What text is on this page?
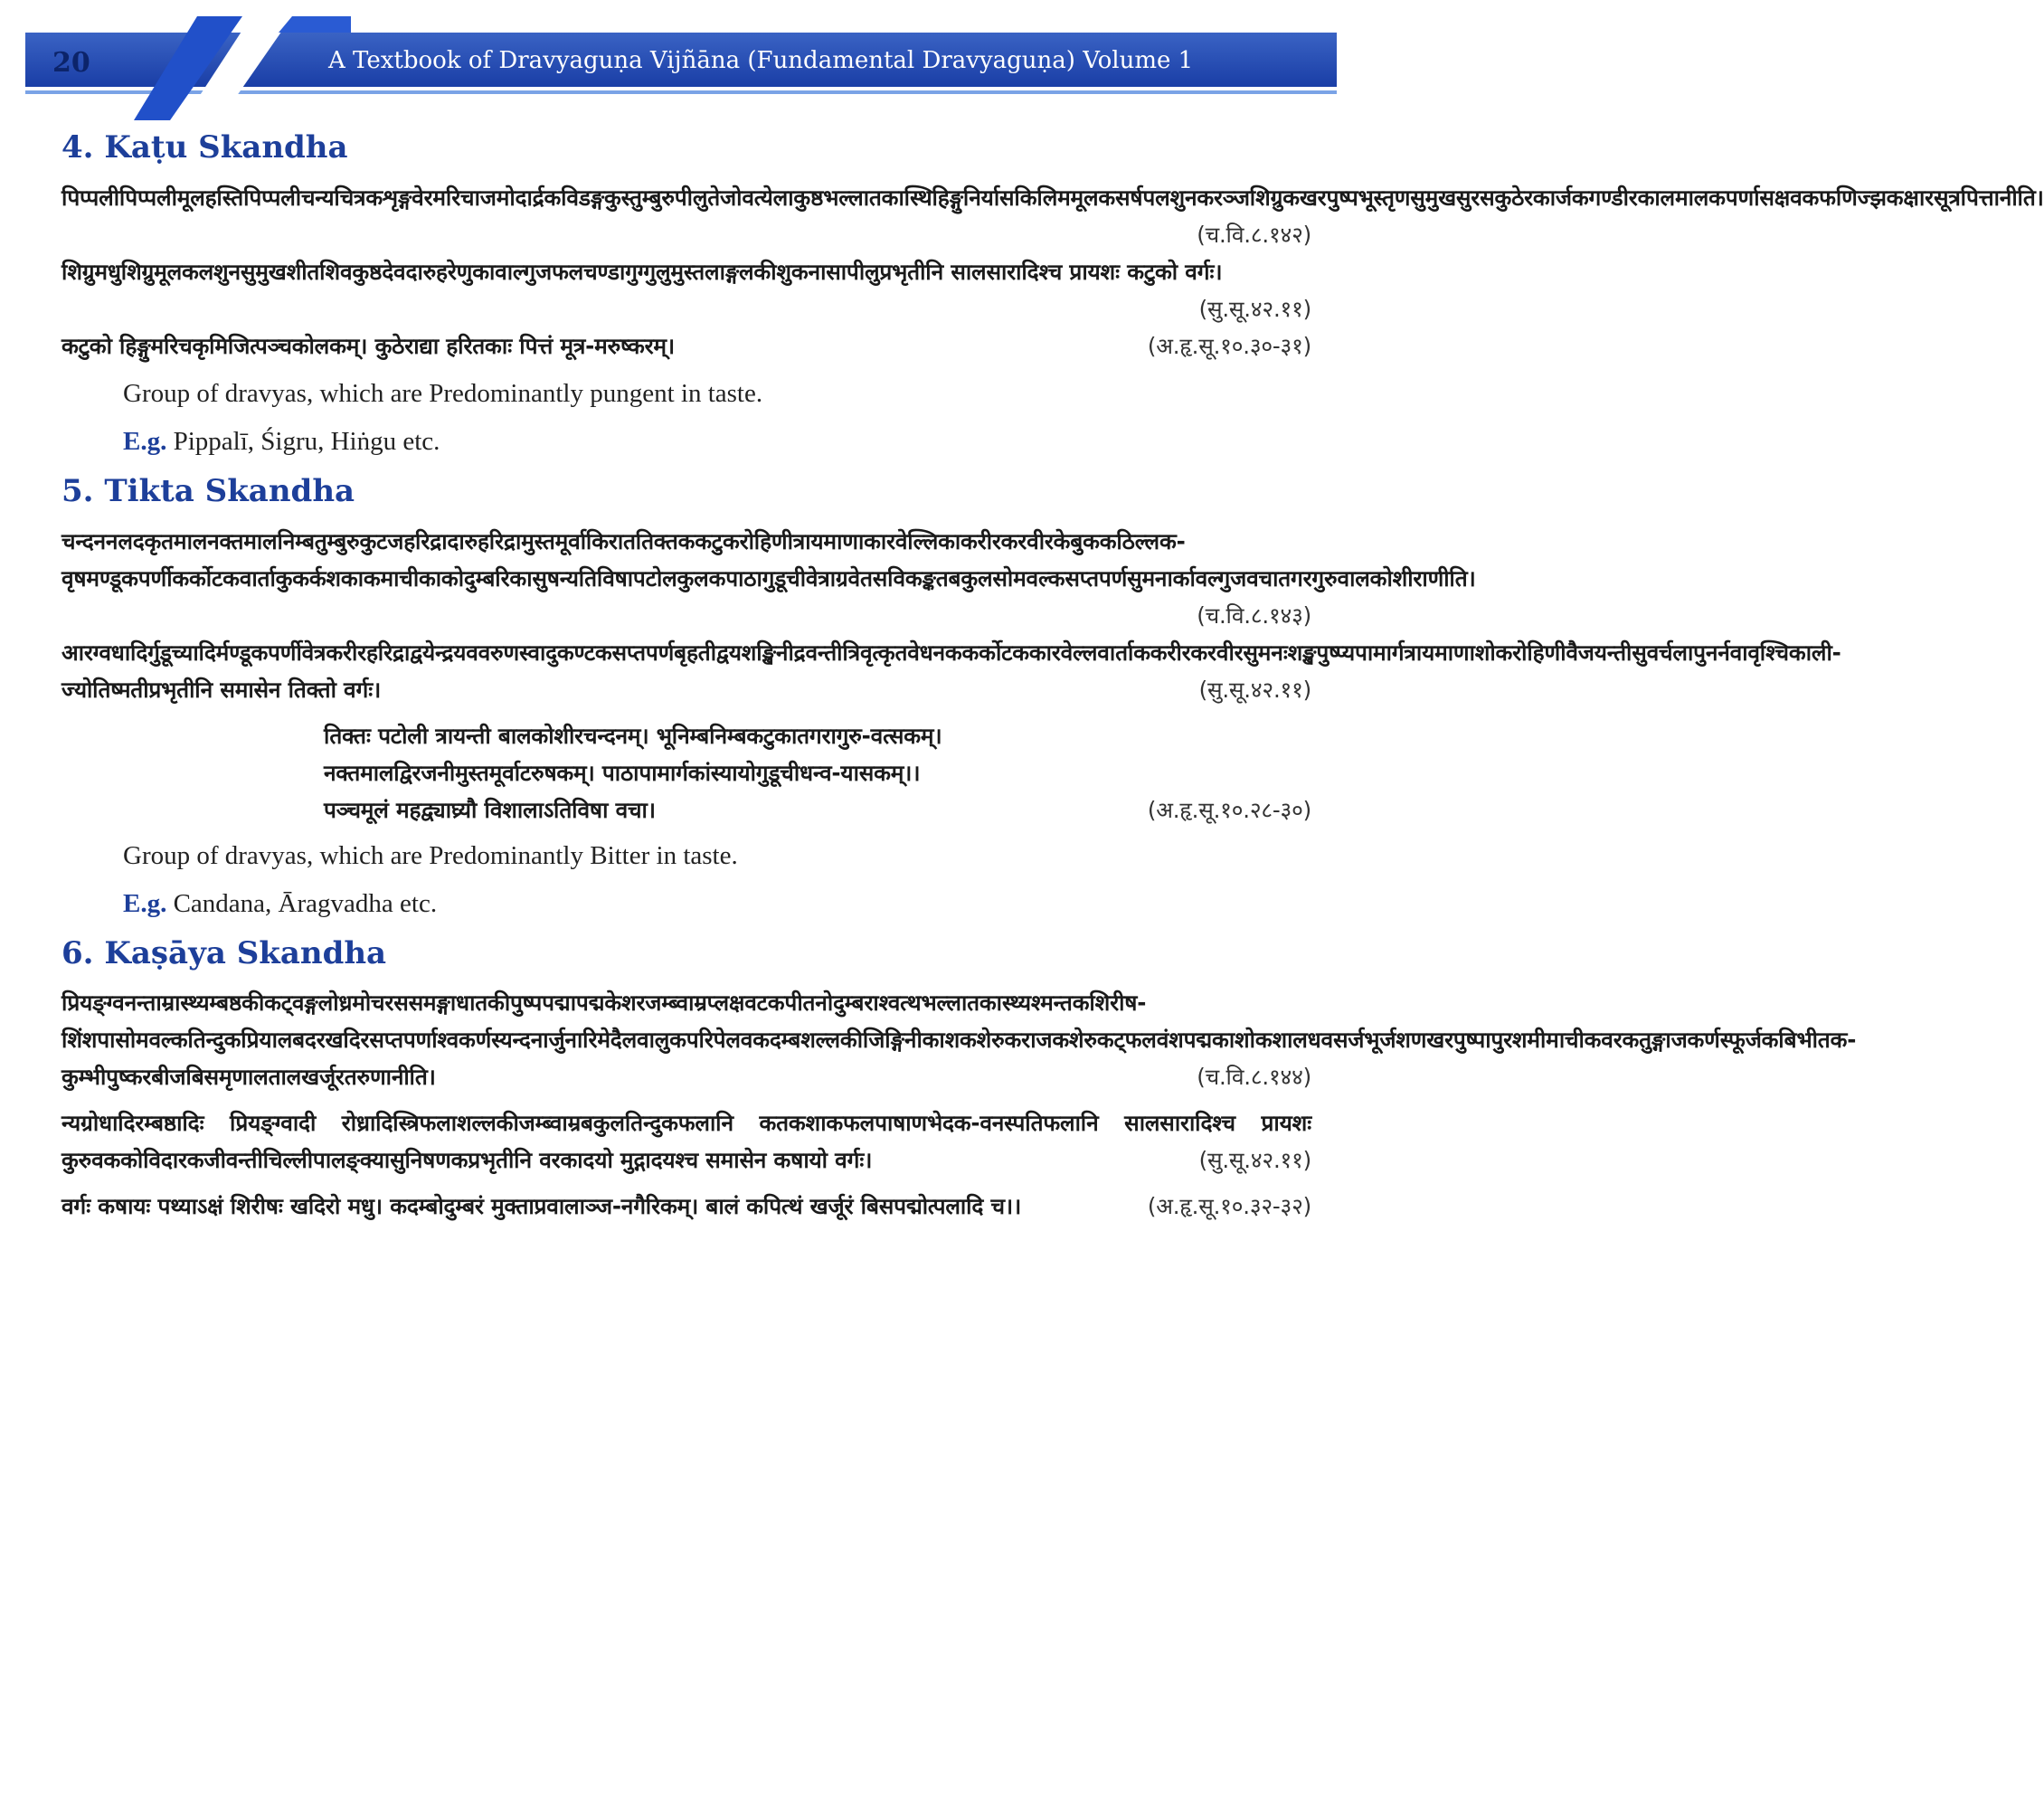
20	A Textbook of Dravyaguṇa Vijñāna (Fundamental Dravyaguṇa) Volume 1
4. Kaṭu Skandha

पिप्पलीपिप्पलीमूलहस्तिपिप्पलीचन्यचित्रकशृङ्गवेरमरिचाजमोदार्द्रकविडङ्गकुस्तुम्बुरुपीलुतेजोवत्येलाकुष्ठभल्लातकास्थिहिङ्गुनिर्यासकिलिममूलकसर्षपलशुनकरञ्जशिग्रुकखरपुष्पभूस्तृणसुमुखसुरसकुठेरकार्जकगण्डीरकालमालकपर्णासक्षवकफणिज्झकक्षारसूत्रपित्तानीति।
(च.वि.८.१४२)

शिग्रुमधुशिग्रुमूलकलशुनसुमुखशीतशिवकुष्ठदेवदारुहरेणुकावाल्गुजफलचण्डागुग्गुलुमुस्तलाङ्गलकीशुकनासापीलुप्रभृतीनि सालसारादिश्च प्रायशः कटुको वर्गः।
(सु.सू.४२.११)

कटुको हिङ्गुमरिचकृमिजित्पञ्चकोलकम्। कुठेराद्या हरितकाः पित्तं मूत्र-मरुष्करम्।	(अ.हृ.सू.१०.३०-३१)

Group of dravyas, which are Predominantly pungent in taste.

E.g. Pippalī, Śigru, Hiṅgu etc.

5. Tikta Skandha

चन्दननलदकृतमालनक्तमालनिम्बतुम्बुरुकुटजहरिद्रादारुहरिद्रामुस्तमूर्वाकिराततिक्तककटुकरोहिणीत्रायमाणाकारवेल्लिकाकरीरकरवीरकेबुककठिल्लक-वृषमण्डूकपर्णीकर्कोटकवार्ताकुकर्कशकाकमाचीकाकोदुम्बरिकासुषन्यतिविषापटोलकुलकपाठागुडूचीवेत्राग्रवेतसविकङ्कतबकुलसोमवल्कसप्तपर्णसुमनार्कावल्गुजवचातगरगुरुवालकोशीराणीति।
(च.वि.८.१४३)

आरग्वधादिर्गुडूच्यादिर्मण्डूकपर्णीवेत्रकरीरहरिद्राद्वयेन्द्रयववरुणस्वादुकण्टकसप्तपर्णबृहतीद्वयशङ्खिनीद्रवन्तीत्रिवृत्कृतवेधनककर्कोटककारवेल्लवार्ताककरीरकरवीरसुमनःशङ्खपुष्प्यपामार्गत्रायमाणाशोकरोहिणीवैजयन्तीसुवर्चलापुनर्नवावृश्चिकाली-ज्योतिष्मतीप्रभृतीनि समासेन तिक्तो वर्गः।	(सु.सू.४२.११)

तिक्तः पटोली त्रायन्ती बालकोशीरचन्दनम्। भूनिम्बनिम्बकटुकातगरागुरु-वत्सकम्।

नक्तमालद्विरजनीमुस्तमूर्वाटरुषकम्। पाठापामार्गकांस्यायोगुडूचीधन्व-यासकम्।।

पञ्चमूलं महद्व्याघ्र्यौ विशालाऽतिविषा वचा।	(अ.हृ.सू.१०.२८-३०)

Group of dravyas, which are Predominantly Bitter in taste.

E.g. Candana, Āragvadha etc.

6. Kaṣāya Skandha

प्रियङ्ग्वनन्ताम्रास्थ्यम्बष्ठकीकट्वङ्गलोध्रमोचरससमङ्गाधातकीपुष्पपद्मापद्मकेशरजम्ब्वाम्रप्लक्षवटकपीतनोदुम्बराश्वत्थभल्लातकास्थ्यश्मन्तकशिरीष-शिंशपासोमवल्कतिन्दुकप्रियालबदरखदिरसप्तपर्णाश्वकर्णस्यन्दनार्जुनारिमेदैलवालुकपरिपेलवकदम्बशल्लकीजिङ्गिनीकाशकशेरुकराजकशेरुकट्फलवंशपद्मकाशोकशालधवसर्जभूर्जशणखरपुष्पापुरशमीमाचीकवरकतुङ्गाजकर्णस्फूर्जकबिभीतक-कुम्भीपुष्करबीजबिसमृणालतालखर्जूरतरुणानीति।	(च.वि.८.१४४)

न्यग्रोधादिरम्बष्ठादिः प्रियङ्ग्वादी रोध्रादिस्त्रिफलाशल्लकीजम्ब्वाम्रबकुलतिन्दुकफलानि कतकशाकफलपाषाणभेदक-वनस्पतिफलानि सालसारादिश्च प्रायशः कुरुवककोविदारकजीवन्तीचिल्लीपालङ्क्यासुनिषणकप्रभृतीनि वरकादयो मुद्गादयश्च समासेन कषायो वर्गः।	(सु.सू.४२.११)

वर्गः कषायः पथ्याऽक्षं शिरीषः खदिरो मधु। कदम्बोदुम्बरं मुक्ताप्रवालाञ्ज-नगैरिकम्। बालं कपित्थं खर्जूरं बिसपद्मोत्पलादि च।।	(अ.हृ.सू.१०.३२-३२)
